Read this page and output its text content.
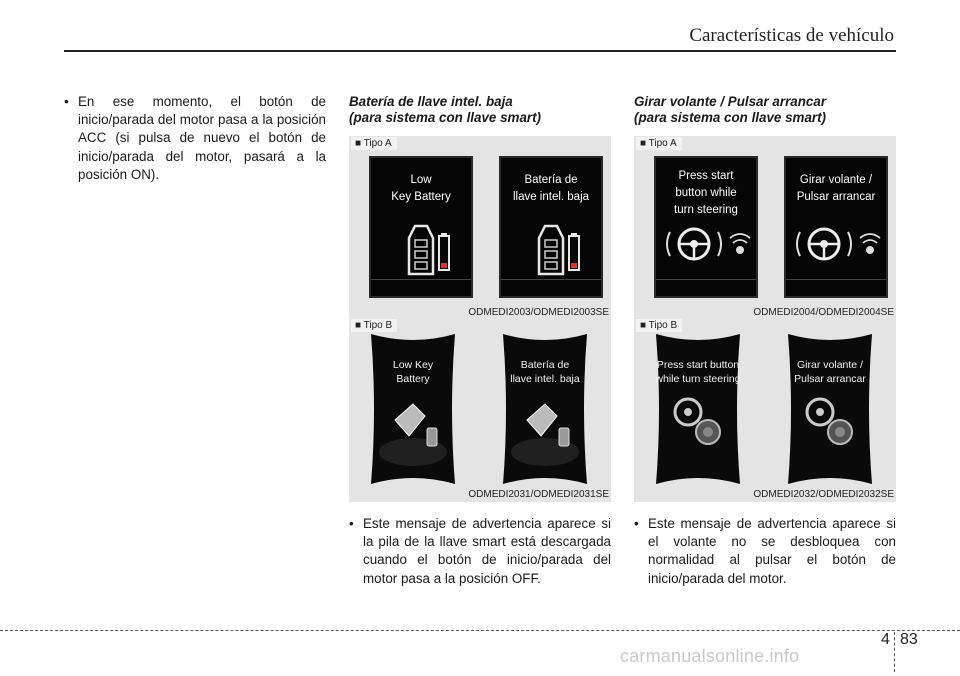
Características de vehículo
• En ese momento, el botón de inicio/parada del motor pasa a la posición ACC (si pulsa de nuevo el botón de inicio/parada del motor, pasará a la posición ON).
Batería de llave intel. baja
(para sistema con llave smart)
■ Tipo A
Low
Key Battery
Batería de
llave intel. baja
ODMEDI2003/ODMEDI2003SE
■ Tipo B
Low Key
Battery
Batería de
llave intel. baja
ODMEDI2031/ODMEDI2031SE
• Este mensaje de advertencia aparece si la pila de la llave smart está descargada cuando el botón de inicio/parada del motor pasa a la posición OFF.
Girar volante / Pulsar arrancar
(para sistema con llave smart)
■ Tipo A
Press start
button while
turn steering
Girar volante /
Pulsar arrancar
ODMEDI2004/ODMEDI2004SE
■ Tipo B
Press start button
while turn steering
Girar volante /
Pulsar arrancar
ODMEDI2032/ODMEDI2032SE
• Este mensaje de advertencia aparece si el volante no se desbloquea con normalidad al pulsar el botón de inicio/parada del motor.
4 83
carmanualsonline.info
